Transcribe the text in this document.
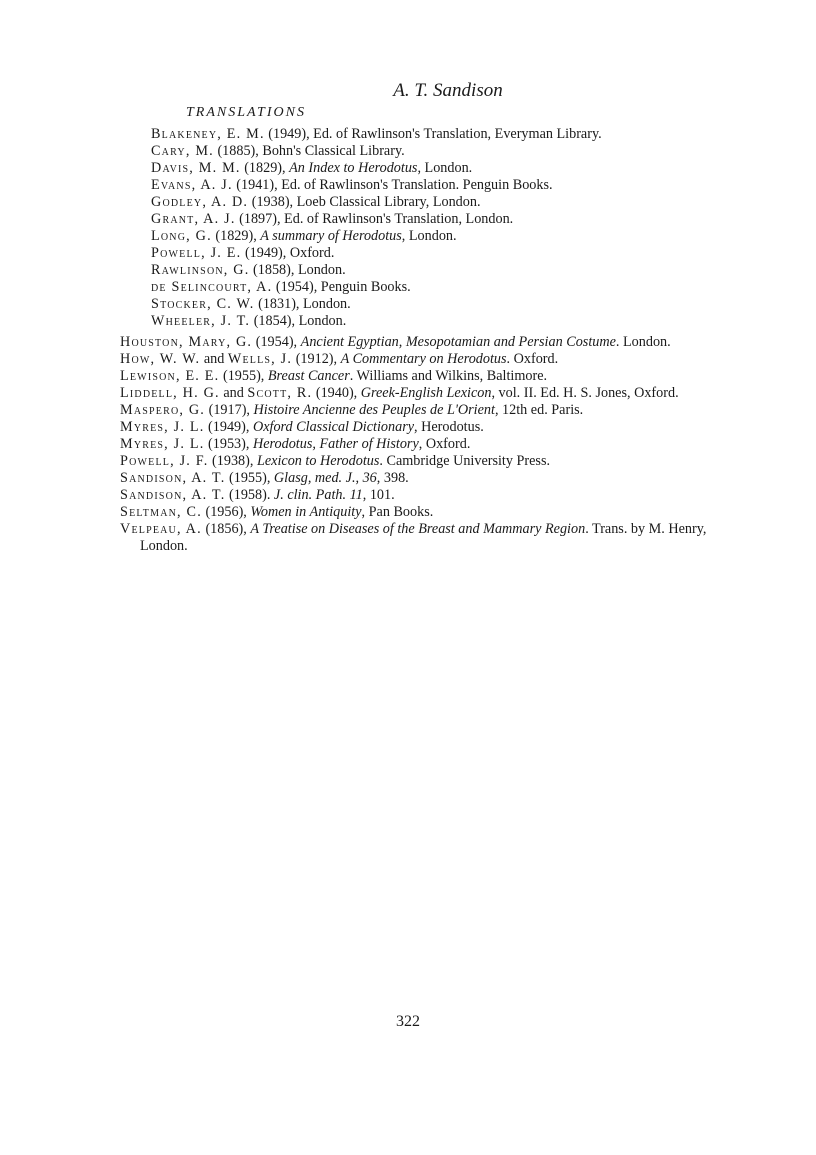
A. T. Sandison
TRANSLATIONS
Blakeney, E. M. (1949), Ed. of Rawlinson's Translation, Everyman Library.
Cary, M. (1885), Bohn's Classical Library.
Davis, M. M. (1829), An Index to Herodotus, London.
Evans, A. J. (1941), Ed. of Rawlinson's Translation. Penguin Books.
Godley, A. D. (1938), Loeb Classical Library, London.
Grant, A. J. (1897), Ed. of Rawlinson's Translation, London.
Long, G. (1829), A summary of Herodotus, London.
Powell, J. E. (1949), Oxford.
Rawlinson, G. (1858), London.
de Selincourt, A. (1954), Penguin Books.
Stocker, C. W. (1831), London.
Wheeler, J. T. (1854), London.
Houston, Mary, G. (1954), Ancient Egyptian, Mesopotamian and Persian Costume. London.
How, W. W. and Wells, J. (1912), A Commentary on Herodotus. Oxford.
Lewison, E. E. (1955), Breast Cancer. Williams and Wilkins, Baltimore.
Liddell, H. G. and Scott, R. (1940), Greek-English Lexicon, vol. II. Ed. H. S. Jones, Oxford.
Maspero, G. (1917), Histoire Ancienne des Peuples de L'Orient, 12th ed. Paris.
Myres, J. L. (1949), Oxford Classical Dictionary, Herodotus.
Myres, J. L. (1953), Herodotus, Father of History, Oxford.
Powell, J. F. (1938), Lexicon to Herodotus. Cambridge University Press.
Sandison, A. T. (1955), Glasg, med. J., 36, 398.
Sandison, A. T. (1958). J. clin. Path. 11, 101.
Seltman, C. (1956), Women in Antiquity, Pan Books.
Velpeau, A. (1856), A Treatise on Diseases of the Breast and Mammary Region. Trans. by M. Henry, London.
322
